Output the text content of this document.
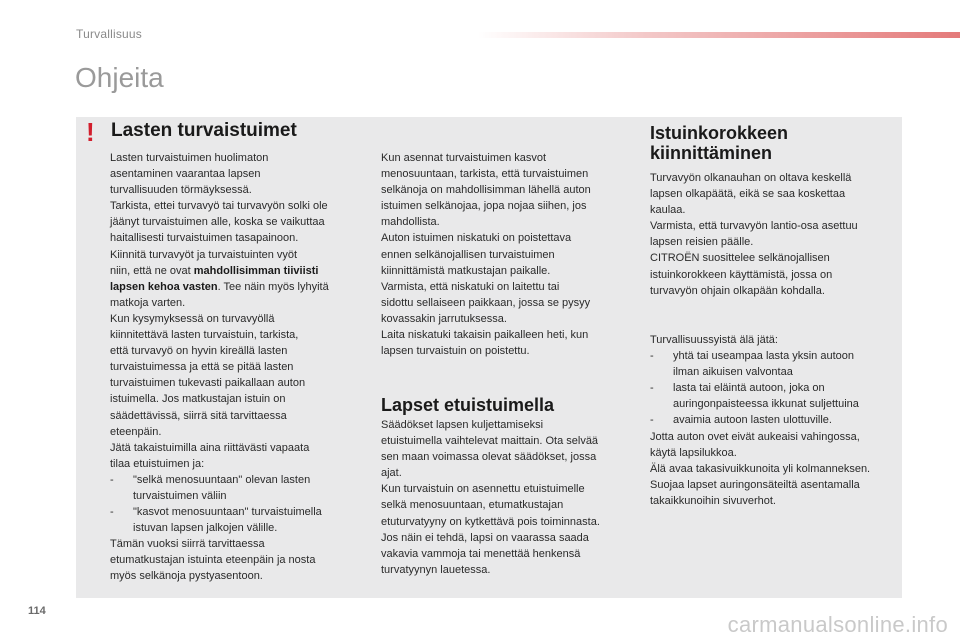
Turvallisuus
Ohjeita
! Lasten turvaistuimet

Lasten turvaistuimen huolimaton

asentaminen vaarantaa lapsen

turvallisuuden törmäyksessä.

Tarkista, ettei turvavyö tai turvavyön solki ole

jäänyt turvaistuimen alle, koska se vaikuttaa

haitallisesti turvaistuimen tasapainoon.

Kiinnitä turvavyöt ja turvaistuinten vyöt

niin, että ne ovat mahdollisimman tiiviisti

lapsen kehoa vasten. Tee näin myös lyhyitä

matkoja varten.

Kun kysymyksessä on turvavyöllä

kiinnitettävä lasten turvaistuin, tarkista,

että turvavyö on hyvin kireällä lasten

turvaistuimessa ja että se pitää lasten

turvaistuimen tukevasti paikallaan auton

istuimella. Jos matkustajan istuin on

säädettävissä, siirrä sitä tarvittaessa

eteenpäin.

Jätä takaistuimilla aina riittävästi vapaata

tilaa etuistuimen ja:

- "selkä menosuuntaan" olevan lasten

turvaistuimen väliin

- "kasvot menosuuntaan" turvaistuimella

istuvan lapsen jalkojen välille.

Tämän vuoksi siirrä tarvittaessa

etumatkustajan istuinta eteenpäin ja nosta

myös selkänoja pystyasentoon.

Kun asennat turvaistuimen kasvot

menosuuntaan, tarkista, että turvaistuimen

selkänoja on mahdollisimman lähellä auton

istuimen selkänojaa, jopa nojaa siihen, jos

mahdollista.

Auton istuimen niskatuki on poistettava

ennen selkänojallisen turvaistuimen

kiinnittämistä matkustajan paikalle.

Varmista, että niskatuki on laitettu tai

sidottu sellaiseen paikkaan, jossa se pysyy

kovassakin jarrutuksessa.

Laita niskatuki takaisin paikalleen heti, kun

lapsen turvaistuin on poistettu.

Lapset etuistuimella

Säädökset lapsen kuljettamiseksi

etuistuimella vaihtelevat maittain. Ota selvää

sen maan voimassa olevat säädökset, jossa

ajat.

Kun turvaistuin on asennettu etuistuimelle

selkä menosuuntaan, etumatkustajan

etuturvatyyny on kytkettävä pois toiminnasta.

Jos näin ei tehdä, lapsi on vaarassa saada

vakavia vammoja tai menettää henkensä

turvatyynyn lauetessa.

Istuinkorokkeen
kiinnittäminen

Turvavyön olkanauhan on oltava keskellä

lapsen olkapäätä, eikä se saa koskettaa

kaulaa.

Varmista, että turvavyön lantio-osa asettuu

lapsen reisien päälle.

CITROËN suosittelee selkänojallisen

istuinkorokkeen käyttämistä, jossa on

turvavyön ohjain olkapään kohdalla.

Turvallisuussyistä älä jätä:

- yhtä tai useampaa lasta yksin autoon

ilman aikuisen valvontaa

- lasta tai eläintä autoon, joka on

auringonpaisteessa ikkunat suljettuina

- avaimia autoon lasten ulottuville.

Jotta auton ovet eivät aukeaisi vahingossa,

käytä lapsilukkoa.

Älä avaa takasivuikkunoita yli kolmanneksen.

Suojaa lapset auringonsäteiltä asentamalla

takaikkunoihin sivuverhot.

114
carmanualsonline.info
